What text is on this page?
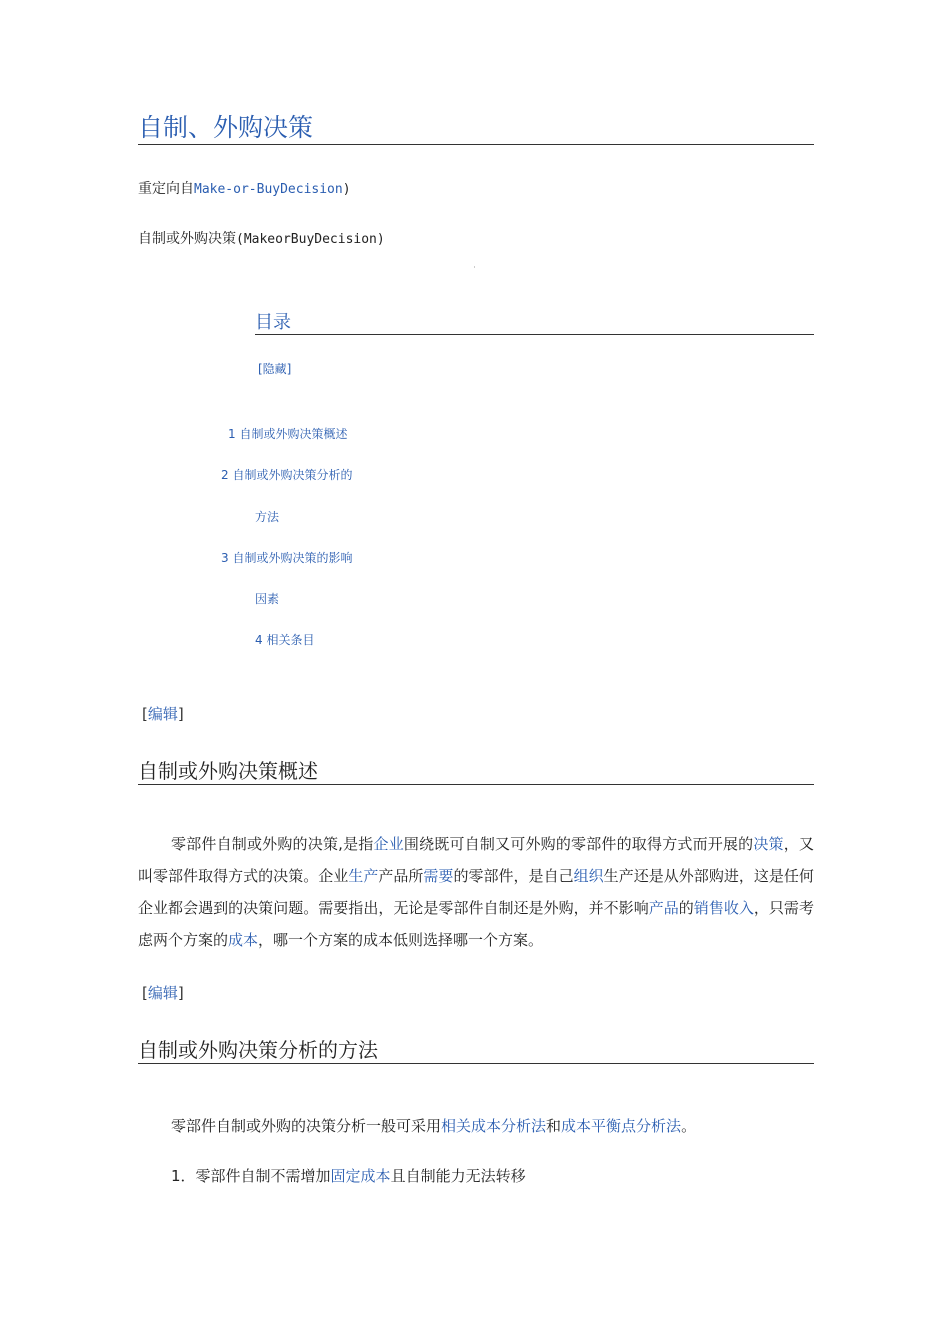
自制、外购决策
重定向自Make-or-BuyDecision)
自制或外购决策(MakeorBuyDecision)
目录
[隐藏]
1 自制或外购决策概述
2 自制或外购决策分析的
方法
3 自制或外购决策的影响
因素
4 相关条目
[编辑]
自制或外购决策概述

零部件自制或外购的决策,是指企业围绕既可自制又可外购的零部件的取得方式而开展的决策，又叫零部件取得方式的决策。企业生产产品所需要的零部件，是自己组织生产还是从外部购进，这是任何企业都会遇到的决策问题。需要指出，无论是零部件自制还是外购，并不影响产品的销售收入，只需考虑两个方案的成本，哪一个方案的成本低则选择哪一个方案。

[编辑]
自制或外购决策分析的方法
零部件自制或外购的决策分析一般可采用相关成本分析法和成本平衡点分析法。
1．零部件自制不需增加固定成本且自制能力无法转移
